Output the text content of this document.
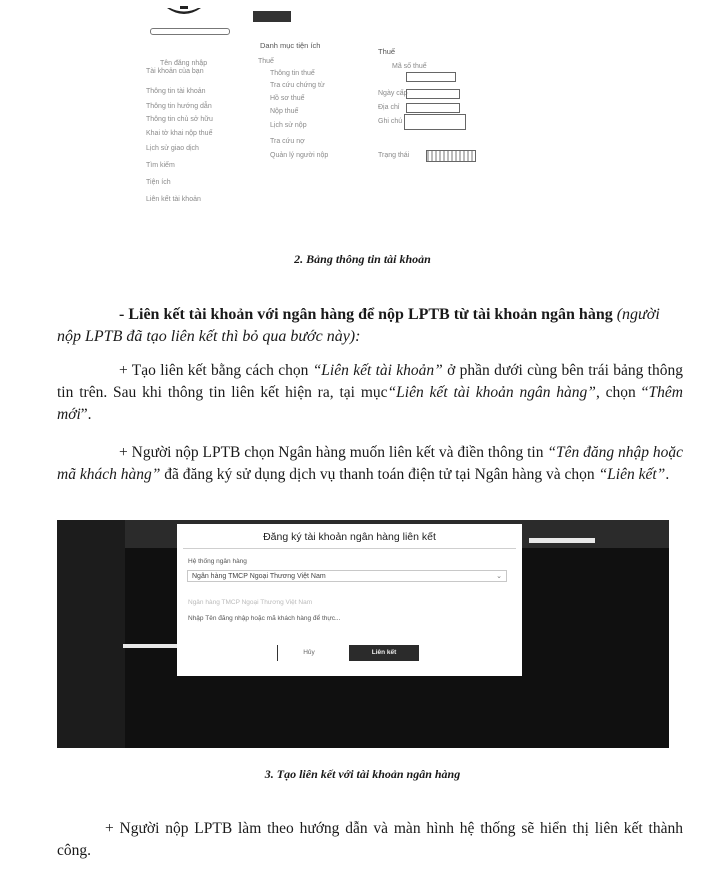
Tên đăng nhập
Tài khoản của bạn
Thông tin tài khoản
Thông tin hướng dẫn
Thông tin chủ sở hữu
Khai tờ khai nộp thuế
Lịch sử giao dịch
Tìm kiếm
Tiện ích
Liên kết tài khoản
Danh mục tiện ích
Thuế
Thông tin thuế
Tra cứu chứng từ
Hồ sơ thuế
Nộp thuế
Lịch sử nộp
Tra cứu nợ
Quản lý người nộp
Thuế
Mã số thuế
Ngày cấp
Địa chỉ
Ghi chú
Trạng thái
2. Bảng thông tin tài khoản
- Liên kết tài khoản với ngân hàng để nộp LPTB từ tài khoản ngân hàng (người nộp LPTB đã tạo liên kết thì bỏ qua bước này):
+ Tạo liên kết bằng cách chọn “Liên kết tài khoản” ở phần dưới cùng bên trái bảng thông tin trên. Sau khi thông tin liên kết hiện ra, tại mục“Liên kết tài khoản ngân hàng”, chọn “Thêm mới”.
+ Người nộp LPTB chọn Ngân hàng muốn liên kết và điền thông tin “Tên đăng nhập hoặc mã khách hàng” đã đăng ký sử dụng dịch vụ thanh toán điện tử tại Ngân hàng và chọn “Liên kết”.
Đăng ký tài khoản ngân hàng liên kết
Hệ thống ngân hàng
Ngân hàng TMCP Ngoại Thương Việt Nam	⌄
Ngân hàng TMCP Ngoại Thương Việt Nam
Nhập Tên đăng nhập hoặc mã khách hàng để thực...
Hủy	Liên kết
3. Tạo liên kết với tài khoản ngân hàng
+ Người nộp LPTB làm theo hướng dẫn và màn hình hệ thống sẽ hiển thị liên kết thành công.
